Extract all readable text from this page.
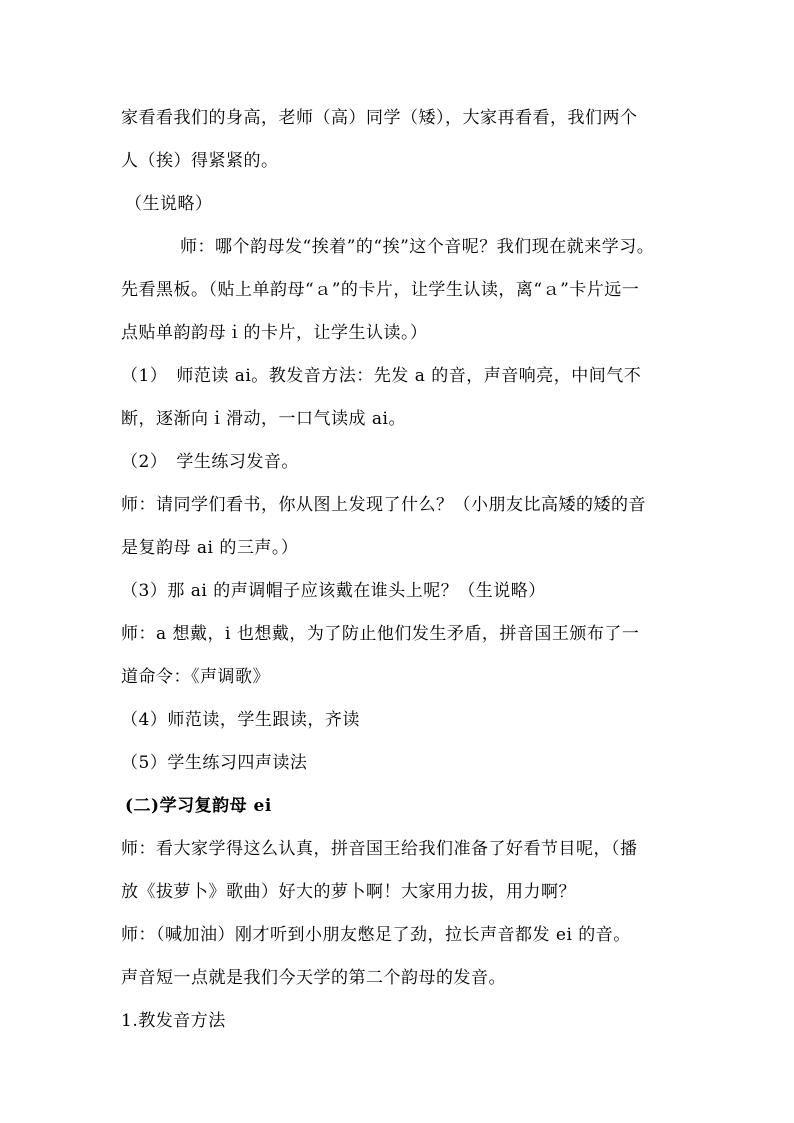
家看看我们的身高，老师（高）同学（矮），大家再看看，我们两个
人（挨）得紧紧的。
（生说略）
师：哪个韵母发“挨着”的“挨”这个音呢？我们现在就来学习。
先看黑板。（贴上单韵母“ａ”的卡片，让学生认读，离“ａ”卡片远一
点贴单韵韵母ｉ的卡片，让学生认读。）
（1）　师范读 ai。教发音方法：先发 a 的音，声音响亮，中间气不
断，逐渐向ｉ滑动，一口气读成 ai。
（2）　学生练习发音。
师：请同学们看书，你从图上发现了什么？（小朋友比高矮的矮的音
是复韵母 ai 的三声。）
（3）那 ai 的声调帽子应该戴在谁头上呢？（生说略）
师：a 想戴，i 也想戴，为了防止他们发生矛盾，拼音国王颁布了一
道命令：《声调歌》
（4）师范读，学生跟读，齐读
（5）学生练习四声读法
(二)学习复韵母 ei
师：看大家学得这么认真，拼音国王给我们准备了好看节目呢，（播
放《拔萝卜》歌曲）好大的萝卜啊！大家用力拔，用力啊？
师：（喊加油）刚才听到小朋友憋足了劲，拉长声音都发 ei 的音。
声音短一点就是我们今天学的第二个韵母的发音。
1.教发音方法
